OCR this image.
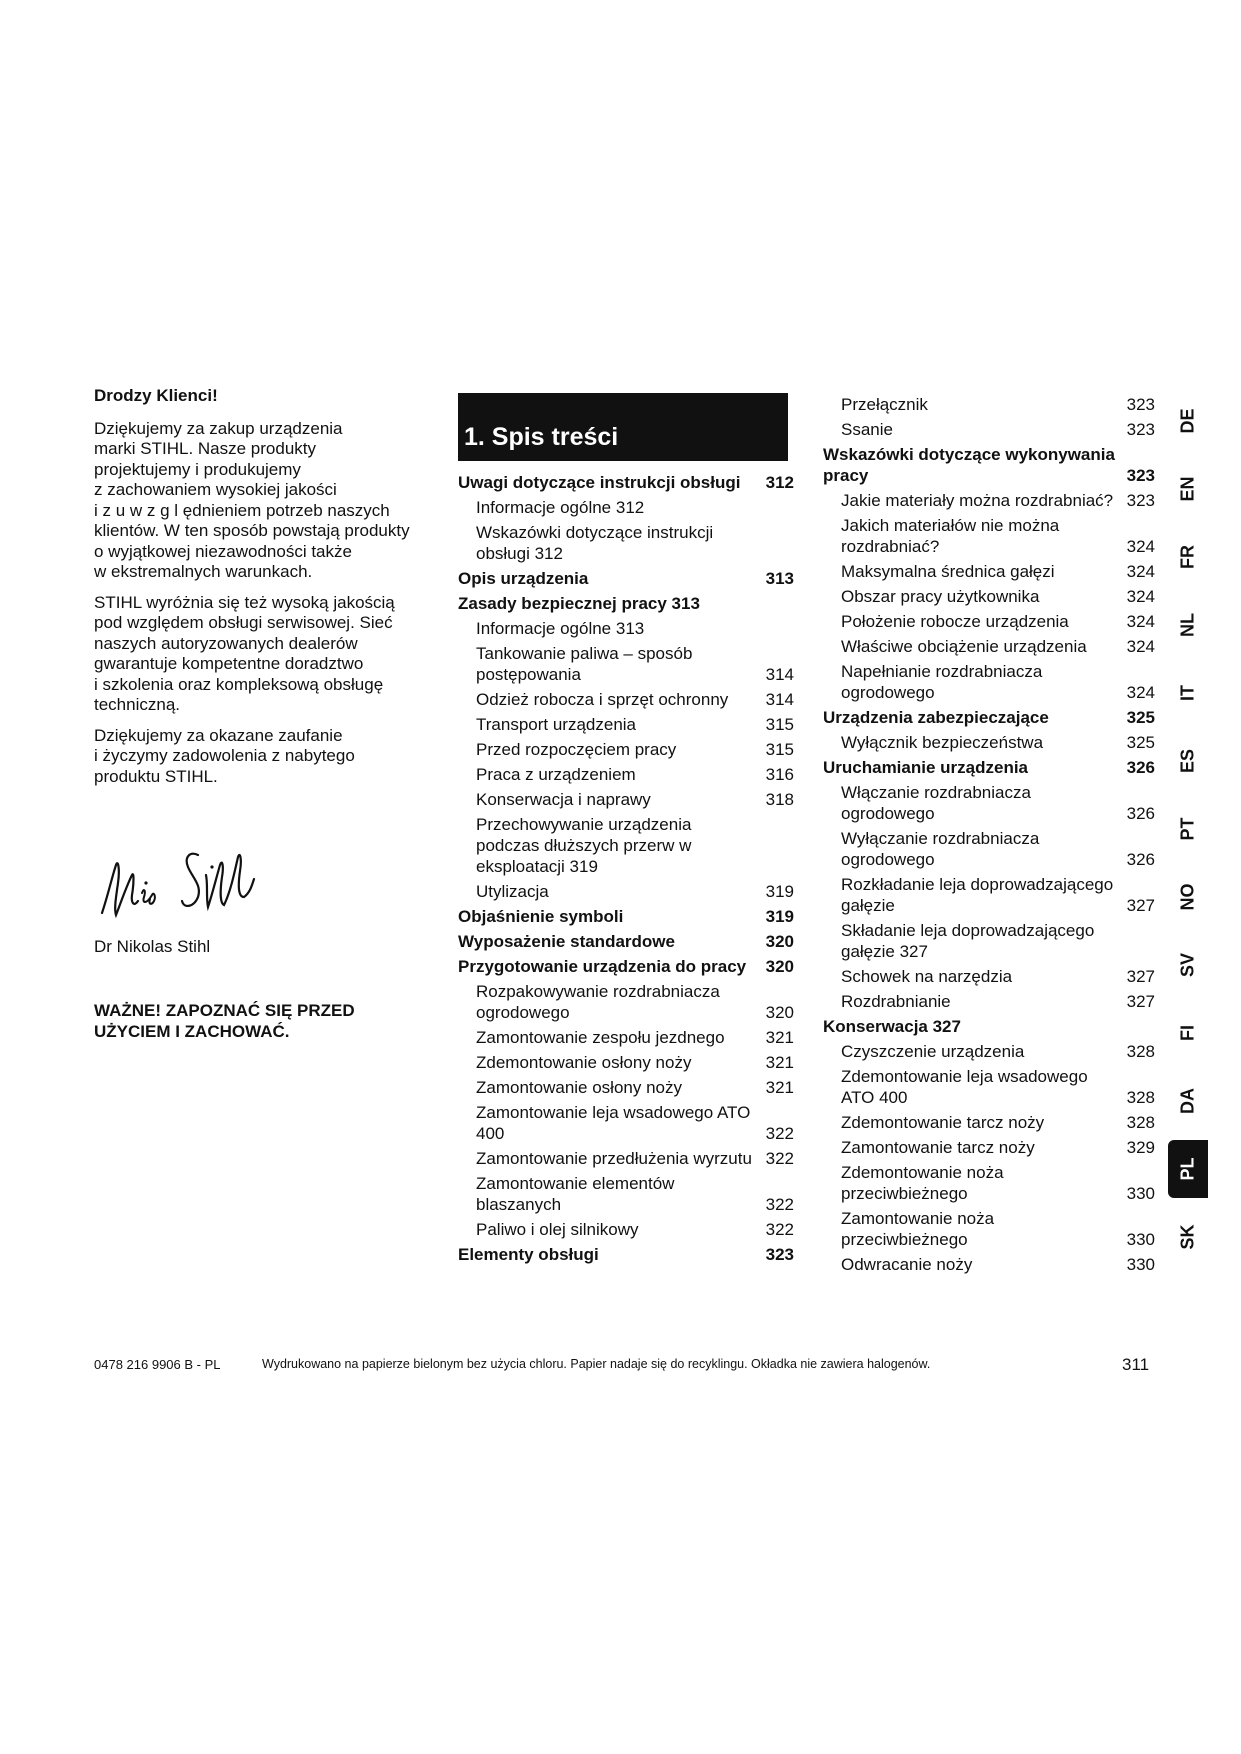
Drodzy Klienci!
Dziękujemy za zakup urządzenia
marki STIHL. Nasze produkty
projektujemy i produkujemy
z zachowaniem wysokiej jakości
i z u w z g l ędnieniem potrzeb naszych
klientów. W ten sposób powstają produkty
o wyjątkowej niezawodności także
w ekstremalnych warunkach.
STIHL wyróżnia się też wysoką jakością
pod względem obsługi serwisowej. Sieć
naszych autoryzowanych dealerów
gwarantuje kompetentne doradztwo
i szkolenia oraz kompleksową obsługę
techniczną.
Dziękujemy za okazane zaufanie
i życzymy zadowolenia z nabytego
produktu STIHL.
Dr Nikolas Stihl
WAŻNE! ZAPOZNAĆ SIĘ PRZED
UŻYCIEM I ZACHOWAĆ.
1. Spis treści
Uwagi dotyczące instrukcji obsługi	312
Informacje ogólne 312
Wskazówki dotyczące instrukcji obsługi 312
Opis urządzenia	313
Zasady bezpiecznej pracy 313
Informacje ogólne 313
Tankowanie paliwa – sposób postępowania	314
Odzież robocza i sprzęt ochronny	314
Transport urządzenia	315
Przed rozpoczęciem pracy	315
Praca z urządzeniem	316
Konserwacja i naprawy	318
Przechowywanie urządzenia podczas dłuższych przerw w eksploatacji 319
Utylizacja	319
Objaśnienie symboli	319
Wyposażenie standardowe	320
Przygotowanie urządzenia do pracy	320
Rozpakowywanie rozdrabniacza ogrodowego	320
Zamontowanie zespołu jezdnego	321
Zdemontowanie osłony noży	321
Zamontowanie osłony noży	321
Zamontowanie leja wsadowego ATO 400	322
Zamontowanie przedłużenia wyrzutu 322
Zamontowanie elementów blaszanych	322
Paliwo i olej silnikowy	322
Elementy obsługi	323
Przełącznik	323
Ssanie	323
Wskazówki dotyczące wykonywania pracy	323
Jakie materiały można rozdrabniać? 323
Jakich materiałów nie można rozdrabniać?	324
Maksymalna średnica gałęzi	324
Obszar pracy użytkownika	324
Położenie robocze urządzenia	324
Właściwe obciążenie urządzenia	324
Napełnianie rozdrabniacza ogrodowego	324
Urządzenia zabezpieczające	325
Wyłącznik bezpieczeństwa	325
Uruchamianie urządzenia	326
Włączanie rozdrabniacza ogrodowego	326
Wyłączanie rozdrabniacza ogrodowego	326
Rozkładanie leja doprowadzającego gałęzie	327
Składanie leja doprowadzającego gałęzie 327
Schowek na narzędzia	327
Rozdrabnianie	327
Konserwacja 327
Czyszczenie urządzenia	328
Zdemontowanie leja wsadowego ATO 400	328
Zdemontowanie tarcz noży	328
Zamontowanie tarcz noży	329
Zdemontowanie noża przeciwbieżnego	330
Zamontowanie noża przeciwbieżnego	330
Odwracanie noży	330
DE
EN
FR
NL
IT
ES
PT
NO
SV
FI
DA
PL
SK
0478 216 9906 B - PL	Wydrukowano na papierze bielonym bez użycia chloru. Papier nadaje się do recyklingu. Okładka nie zawiera halogenów.	311
